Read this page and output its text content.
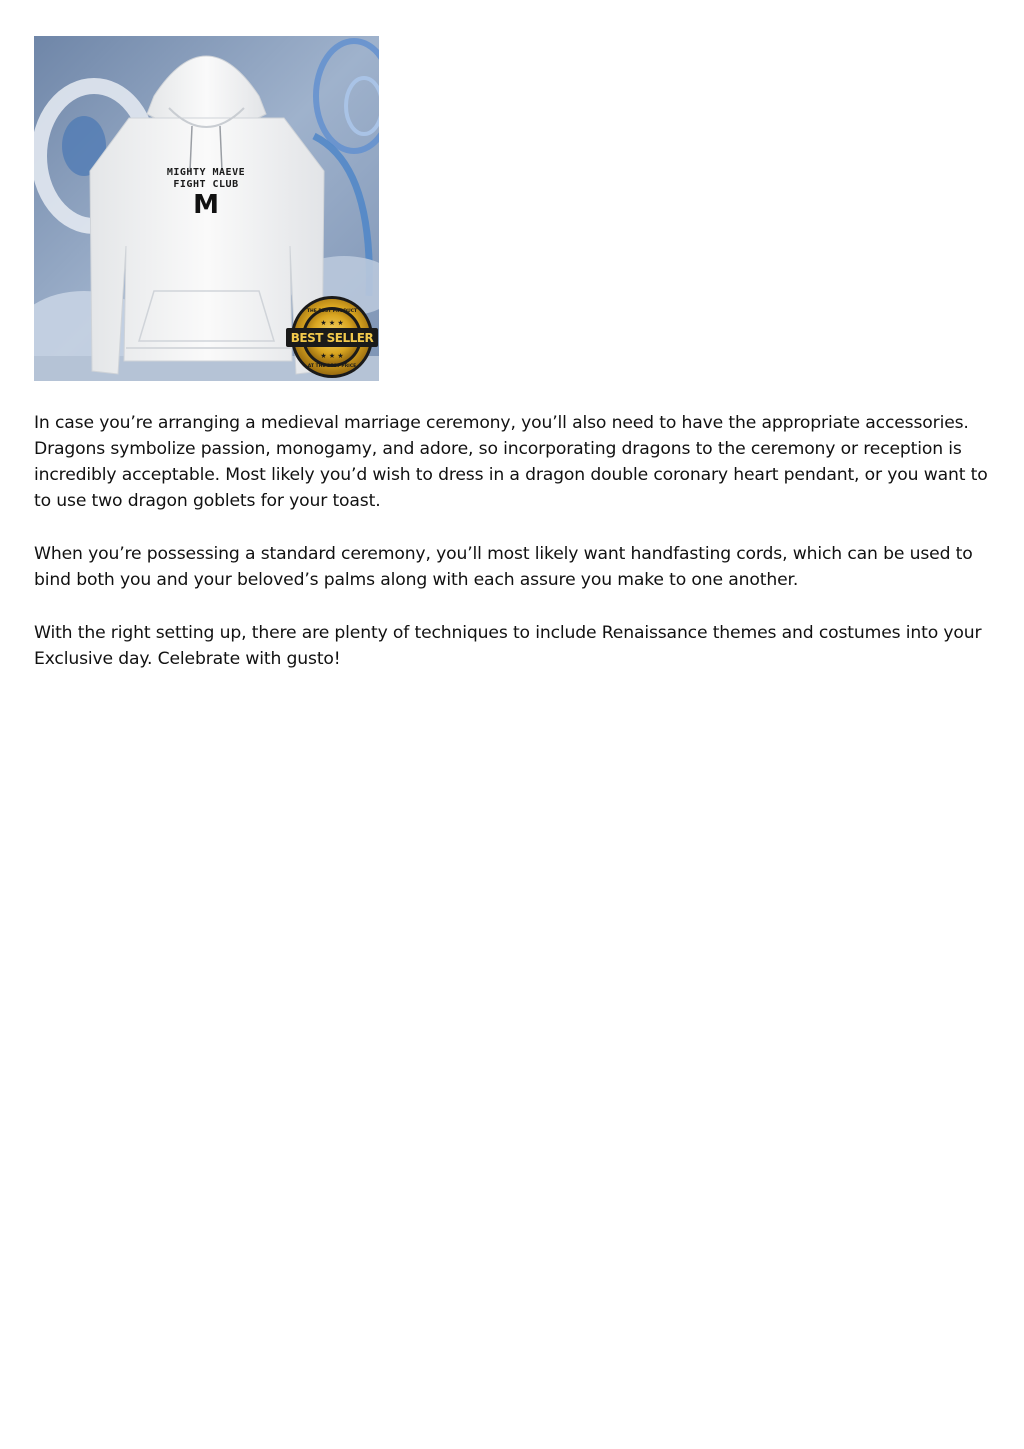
MIGHTY MAEVE
FIGHT CLUB
M
BEST SELLER
THE BEST PRODUCT
AT THE BEST PRICE
★ ★ ★
★ ★ ★

In case you’re arranging a medieval marriage ceremony, you’ll also need to have the appropriate accessories. Dragons symbolize passion, monogamy, and adore, so incorporating dragons to the ceremony or reception is incredibly acceptable. Most likely you’d wish to dress in a dragon double coronary heart pendant, or you want to to use two dragon goblets for your toast.

When you’re possessing a standard ceremony, you’ll most likely want handfasting cords, which can be used to bind both you and your beloved’s palms along with each assure you make to one another.

With the right setting up, there are plenty of techniques to include Renaissance themes and costumes into your Exclusive day. Celebrate with gusto!
